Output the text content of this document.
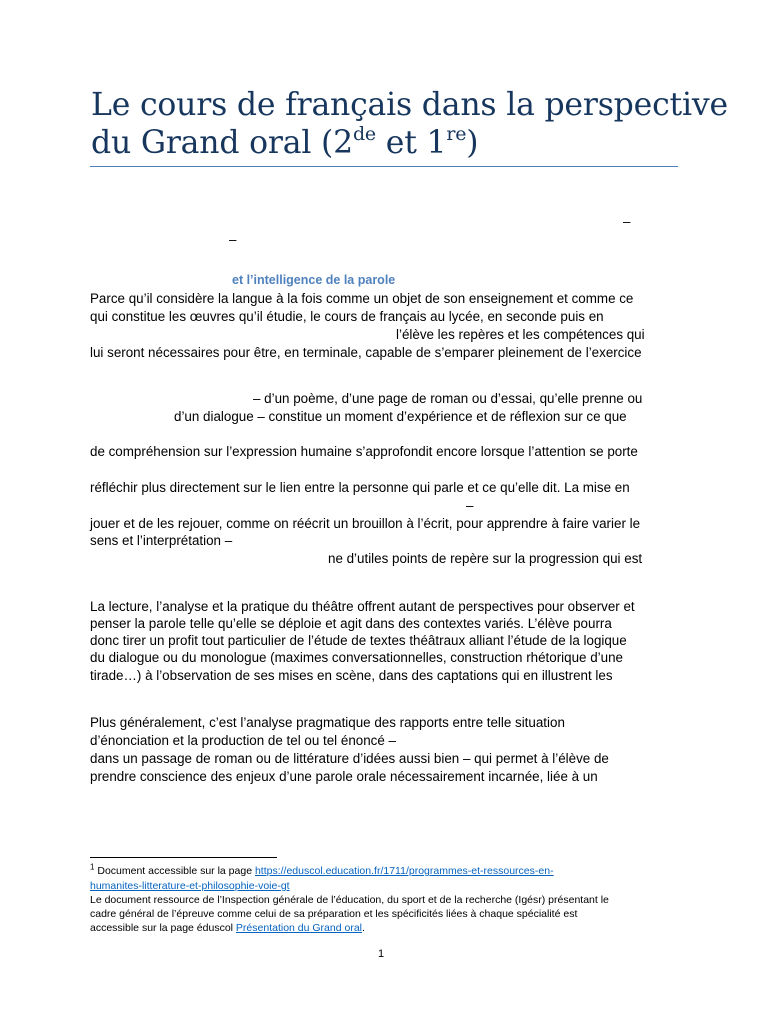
Le cours de français dans la perspective
du Grand oral (2de et 1re)
–
–
et l’intelligence de la parole
Parce qu’il considère la langue à la fois comme un objet de son enseignement et comme ce
qui constitue les œuvres qu’il étudie, le cours de français au lycée, en seconde puis en
l’élève les repères et les compétences qui
lui seront nécessaires pour être, en terminale, capable de s’emparer pleinement de l’exercice
– d’un poème, d’une page de roman ou d’essai, qu’elle prenne ou
d’un dialogue – constitue un moment d’expérience et de réflexion sur ce que
de compréhension sur l’expression humaine s’approfondit encore lorsque l’attention se porte
réfléchir plus directement sur le lien entre la personne qui parle et ce qu’elle dit. La mise en
–
jouer et de les rejouer, comme on réécrit un brouillon à l’écrit, pour apprendre à faire varier le
sens et l’interprétation –
ne d’utiles points de repère sur la progression qui est
La lecture, l’analyse et la pratique du théâtre offrent autant de perspectives pour observer et
penser la parole telle qu’elle se déploie et agit dans des contextes variés. L’élève pourra
donc tirer un profit tout particulier de l’étude de textes théâtraux alliant l’étude de la logique
du dialogue ou du monologue (maximes conversationnelles, construction rhétorique d’une
tirade…) à l’observation de ses mises en scène, dans des captations qui en illustrent les
Plus généralement, c’est l’analyse pragmatique des rapports entre telle situation
d’énonciation et la production de tel ou tel énoncé –
dans un passage de roman ou de littérature d’idées aussi bien – qui permet à l’élève de
prendre conscience des enjeux d’une parole orale nécessairement incarnée, liée à un
$^1$ Document accessible sur la page https://eduscol.education.fr/1711/programmes-et-ressources-en-
humanites-litterature-et-philosophie-voie-gt
Le document ressource de l’Inspection générale de l’éducation, du sport et de la recherche (Igésr) présentant le
cadre général de l’épreuve comme celui de sa préparation et les spécificités liées à chaque spécialité est
accessible sur la page éduscol Présentation du Grand oral.
1
